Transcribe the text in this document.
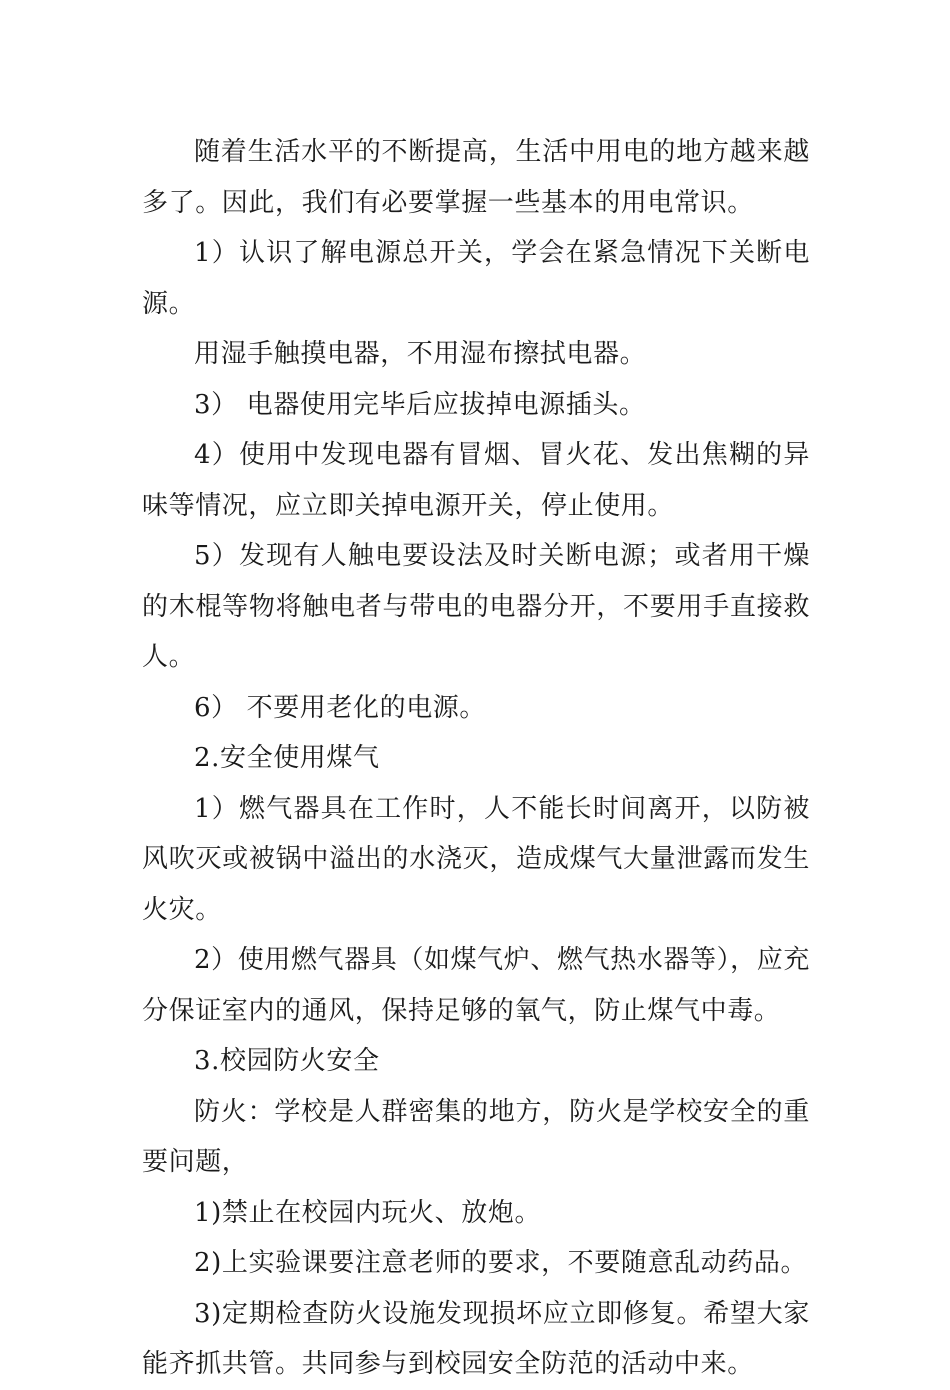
随着生活水平的不断提高，生活中用电的地方越来越多了。因此，我们有必要掌握一些基本的用电常识。

1）认识了解电源总开关，学会在紧急情况下关断电源。

用湿手触摸电器，不用湿布擦拭电器。

3） 电器使用完毕后应拔掉电源插头。

4）使用中发现电器有冒烟、冒火花、发出焦糊的异味等情况，应立即关掉电源开关，停止使用。

5）发现有人触电要设法及时关断电源；或者用干燥的木棍等物将触电者与带电的电器分开，不要用手直接救人。

6） 不要用老化的电源。

2.安全使用煤气

1）燃气器具在工作时，人不能长时间离开，以防被风吹灭或被锅中溢出的水浇灭，造成煤气大量泄露而发生火灾。

2）使用燃气器具（如煤气炉、燃气热水器等），应充分保证室内的通风，保持足够的氧气，防止煤气中毒。

3.校园防火安全

防火：学校是人群密集的地方，防火是学校安全的重要问题，

1)禁止在校园内玩火、放炮。

2)上实验课要注意老师的要求，不要随意乱动药品。

3)定期检查防火设施发现损坏应立即修复。希望大家能齐抓共管。共同参与到校园安全防范的活动中来。
